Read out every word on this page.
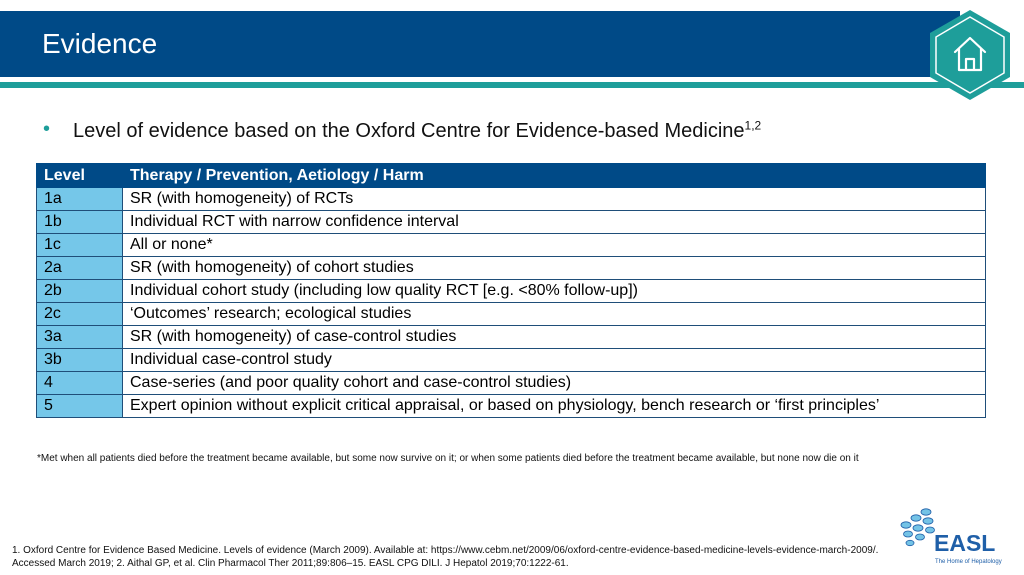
Evidence
• Level of evidence based on the Oxford Centre for Evidence-based Medicine$^{1,2}$
Level	Therapy / Prevention, Aetiology / Harm
1a	SR (with homogeneity) of RCTs
1b	Individual RCT with narrow confidence interval
1c	All or none*
2a	SR (with homogeneity) of cohort studies
2b	Individual cohort study (including low quality RCT [e.g. <80% follow-up])
2c	‘Outcomes’ research; ecological studies
3a	SR (with homogeneity) of case-control studies
3b	Individual case-control study
4	Case-series (and poor quality cohort and case-control studies)
5	Expert opinion without explicit critical appraisal, or based on physiology, bench research or ‘first principles’
*Met when all patients died before the treatment became available, but some now survive on it; or when some patients died before the treatment became available, but none now die on it
1. Oxford Centre for Evidence Based Medicine. Levels of evidence (March 2009). Available at: https://www.cebm.net/2009/06/oxford-centre-evidence-based-medicine-levels-evidence-march-2009/. Accessed March 2019; 2. Aithal GP, et al. Clin Pharmacol Ther 2011;89:806–15. EASL CPG DILI. J Hepatol 2019;70:1222-61.
EASL
The Home of Hepatology
